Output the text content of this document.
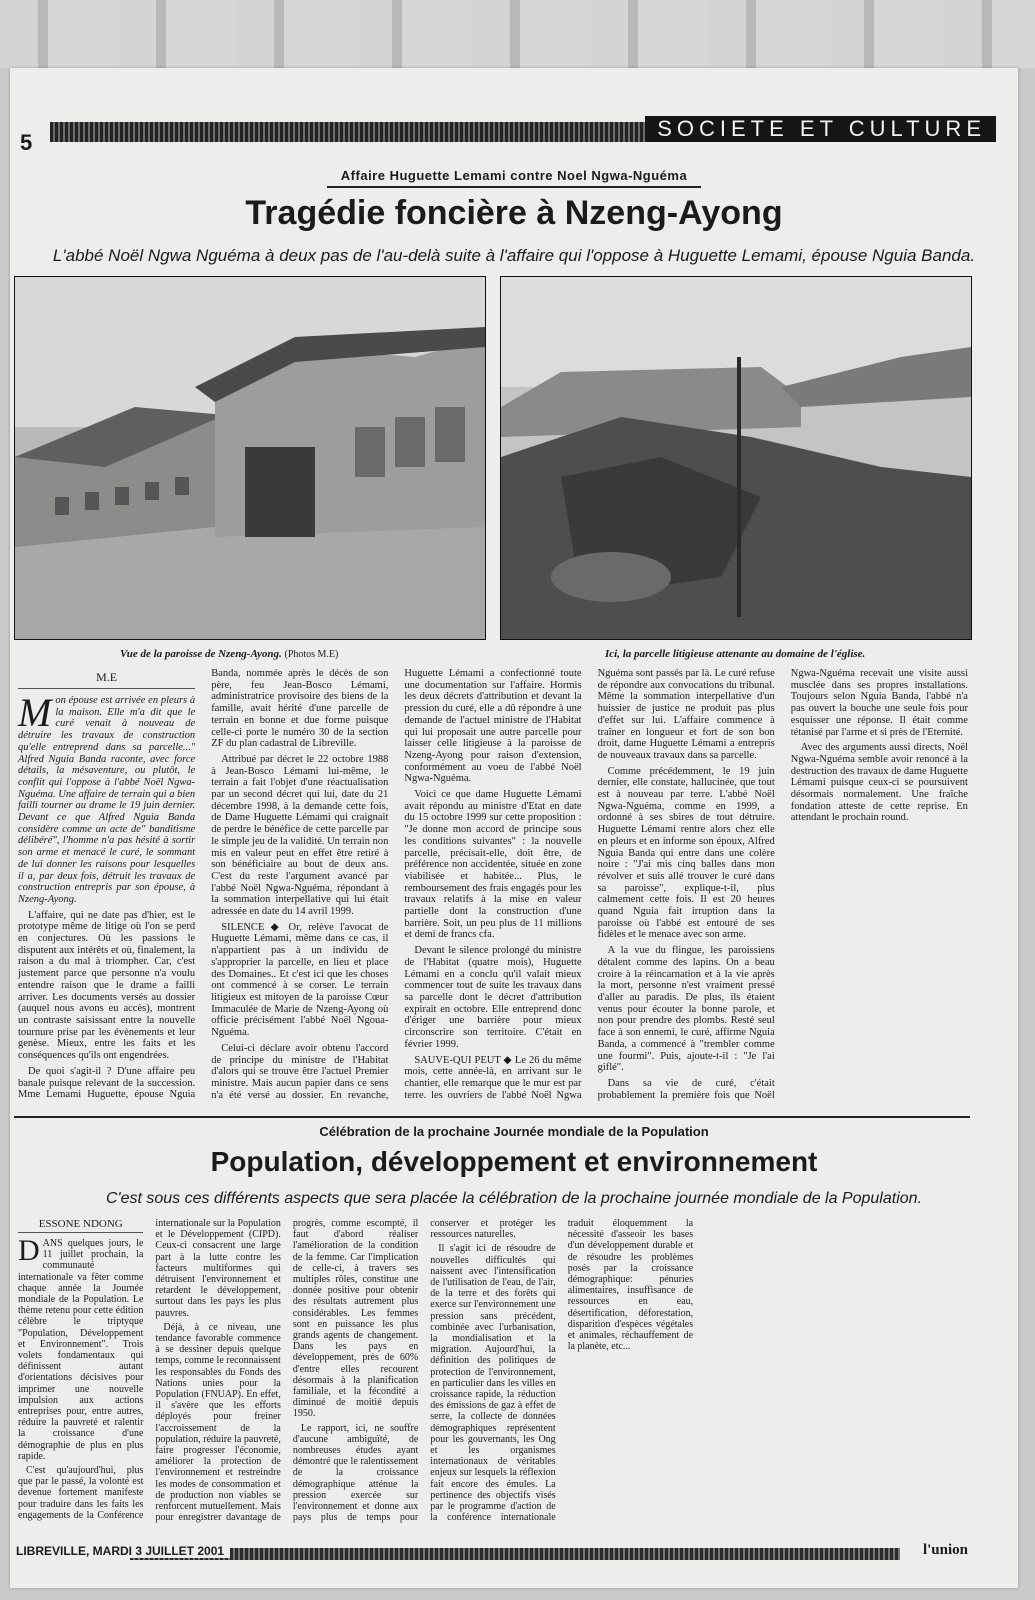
5
SOCIETE ET CULTURE
Affaire Huguette Lemami contre Noel Ngwa-Nguéma
Tragédie foncière à Nzeng-Ayong
L'abbé Noël Ngwa Nguéma à deux pas de l'au-delà suite à l'affaire qui l'oppose à Huguette Lemami, épouse Nguia Banda.
Vue de la paroisse de Nzeng-Ayong. (Photos M.E)	Ici, la parcelle litigieuse attenante au domaine de l'église.
M.E

Mon épouse est arrivée en pleurs à la maison. Elle m'a dit que le curé venait à nouveau de détruire les travaux de construction qu'elle entreprend dans sa parcelle..." Alfred Nguia Banda raconte, avec force détails, la mésaventure, ou plutôt, le conflit qui l'oppose à l'abbé Noël Ngwa-Nguéma. Une affaire de terrain qui a bien failli tourner au drame le 19 juin dernier. Devant ce que Alfred Nguia Banda considère comme un acte de" banditisme délibéré", l'homme n'a pas hésité à sortir son arme et menacé le curé, le sommant de lui donner les raisons pour lesquelles il a, par deux fois, détruit les travaux de construction entrepris par son épouse, à Nzeng-Ayong.

L'affaire, qui ne date pas d'hier, est le prototype même de litige où l'on se perd en conjectures. Où les passions le disputent aux intérêts et où, finalement, la raison a du mal à triompher. Car, c'est justement parce que personne n'a voulu entendre raison que le drame a failli arriver. Les documents versés au dossier (auquel nous avons eu accès), montrent un contraste saisissant entre la nouvelle tournure prise par les évènements et leur genèse. Mieux, entre les faits et les conséquences qu'ils ont engendrées.

De quoi s'agit-il ? D'une affaire peu banale puisque relevant de la succession. Mme Lemami Huguette, épouse Nguia Banda, nommée après le décès de son père, feu Jean-Bosco Lémami, administratrice provisoire des biens de la famille, avait hérité d'une parcelle de terrain en bonne et due forme puisque celle-ci porte le numéro 30 de la section ZF du plan cadastral de Libreville.

Attribué par décret le 22 octobre 1988 à Jean-Bosco Lémami lui-même, le terrain a fait l'objet d'une réactualisation par un second décret qui lui, date du 21 décembre 1998, à la demande cette fois, de Dame Huguette Lémami qui craignait de perdre le bénéfice de cette parcelle par le simple jeu de la validité. Un terrain non mis en valeur peut en effet être retiré à son bénéficiaire au bout de deux ans. C'est du reste l'argument avancé par l'abbé Noël Ngwa-Nguéma, répondant à la sommation interpellative qui lui était adressée en date du 14 avril 1999.

SILENCE ◆ Or, relève l'avocat de Huguette Lémami, même dans ce cas, il n'appartient pas à un individu de s'approprier la parcelle, en lieu et place des Domaines.. Et c'est ici que les choses ont commencé à se corser. Le terrain litigieux est mitoyen de la paroisse Cœur Immaculée de Marie de Nzeng-Ayong où officie précisément l'abbé Noël Ngoua- Nguéma.

Celui-ci déclare avoir obtenu l'accord de principe du ministre de l'Habitat d'alors qui se trouve être l'actuel Premier ministre. Mais aucun papier dans ce sens n'a été versé au dossier. En revanche, Huguette Lémami a confectionné toute une documentation sur l'affaire. Hormis les deux décrets d'attribution et devant la pression du curé, elle a dû répondre à une demande de l'actuel ministre de l'Habitat qui lui proposait une autre parcelle pour laisser celle litigieuse à la paroisse de Nzeng-Ayong pour raison d'extension, conformément au voeu de l'abbé Noël Ngwa-Nguéma.

Voici ce que dame Huguette Lémami avait répondu au ministre d'Etat en date du 15 octobre 1999 sur cette proposition : "Je donne mon accord de principe sous les conditions suivantes" : la nouvelle parcelle, précisait-elle, doit être, de préférence non accidentée, située en zone viabilisée et habitée... Plus, le remboursement des frais engagés pour les travaux relatifs à la mise en valeur partielle dont la construction d'une barrière. Soit, un peu plus de 11 millions et demi de francs cfa.

Devant le silence prolongé du ministre de l'Habitat (quatre mois), Huguette Lémami en a conclu qu'il valait mieux commencer tout de suite les travaux dans sa parcelle dont le décret d'attribution expirait en octobre. Elle entreprend donc d'ériger une barrière pour mieux circonscrire son territoire. C'était en février 1999.

SAUVE-QUI PEUT ◆ Le 26 du même mois, cette année-là, en arrivant sur le chantier, elle remarque que le mur est par terre. les ouvriers de l'abbé Noël Ngwa Nguéma sont passés par là. Le curé refuse de répondre aux convocations du tribunal. Même la sommation interpellative d'un huissier de justice ne produit pas plus d'effet sur lui. L'affaire commence à traîner en longueur et fort de son bon droit, dame Huguette Lémami a entrepris de nouveaux travaux dans sa parcelle.

Comme précédemment, le 19 juin dernier, elle constate, hallucinée, que tout est à nouveau par terre. L'abbé Noël Ngwa-Nguéma, comme en 1999, a ordonné à ses sbires de tout détruire. Huguette Lémami rentre alors chez elle en pleurs et en informe son époux, Alfred Nguia Banda qui entre dans une colère noire : "J'ai mis cinq balles dans mon révolver et suis allé trouver le curé dans sa paroisse", explique-t-il, plus calmement cette fois. Il est 20 heures quand Nguia fait irruption dans la paroisse où l'abbé est entouré de ses fidèles et le menace avec son arme.

A la vue du flingue, les paroissiens détalent comme des lapins. On a beau croire à la réincarnation et à la vie après la mort, personne n'est vraiment pressé d'aller au paradis. De plus, ils étaient venus pour écouter la bonne parole, et non pour prendre des plombs. Resté seul face à son ennemi, le curé, affirme Nguia Banda, a commencé à "trembler comme une fourmi". Puis, ajoute-t-il : "Je l'ai giflé".

Dans sa vie de curé, c'était probablement la première fois que Noël Ngwa-Nguéma recevait une visite aussi musclée dans ses propres installations. Toujours selon Nguia Banda, l'abbé n'a pas ouvert la bouche une seule fois pour esquisser une réponse. Il était comme tétanisé par l'arme et si près de l'Eternité.

Avec des arguments aussi directs, Noël Ngwa-Nguéma semble avoir renoncé à la destruction des travaux de dame Huguette Lémami puisque ceux-ci se poursuivent désormais normalement. Une fraîche fondation atteste de cette reprise. En attendant le prochain round.

Célébration de la prochaine Journée mondiale de la Population
Population, développement et environnement
C'est sous ces différents aspects que sera placée la célébration de la prochaine journée mondiale de la Population.
ESSONE NDONG

DANS quelques jours, le 11 juillet prochain, la communauté internationale va fêter comme chaque année la Journée mondiale de la Population. Le thème retenu pour cette édition célèbre le triptyque "Population, Développement et Environnement". Trois volets fondamentaux qui définissent autant d'orientations décisives pour imprimer une nouvelle impulsion aux actions entreprises pour, entre autres, réduire la pauvreté et ralentir la croissance d'une démographie de plus en plus rapide.

C'est qu'aujourd'hui, plus que par le passé, la volonté est devenue fortement manifeste pour traduire dans les faits les engagements de la Conférence internationale sur la Population et le Développement (CIPD). Ceux-ci consacrent une large part à la lutte contre les facteurs multiformes qui détruisent l'environnement et retardent le développement, surtout dans les pays les plus pauvres.

Déjà, à ce niveau, une tendance favorable commence à se dessiner depuis quelque temps, comme le reconnaissent les responsables du Fonds des Nations unies pour la Population (FNUAP). En effet, il s'avère que les efforts déployés pour freiner l'accroissement de la population, réduire la pauvreté, faire progresser l'économie, améliorer la protection de l'environnement et restreindre les modes de consommation et de production non viables se renforcent mutuellement. Mais pour enregistrer davantage de progrès, comme escompté, il faut d'abord réaliser l'amélioration de la condition de la femme. Car l'implication de celle-ci, à travers ses multiples rôles, constitue une donnée positive pour obtenir des résultats autrement plus considérables. Les femmes sont en puissance les plus grands agents de changement. Dans les pays en développement, près de 60% d'entre elles recourent désormais à la planification familiale, et la fécondité a diminué de moitié depuis 1950.

Le rapport, ici, ne souffre d'aucune ambiguïté, de nombreuses études ayant démontré que le ralentissement de la croissance démographique atténue la pression exercée sur l'environnement et donne aux pays plus de temps pour conserver et protéger les ressources naturelles.

Il s'agit ici de résoudre de nouvelles difficultés qui naissent avec l'intensification de l'utilisation de l'eau, de l'air, de la terre et des forêts qui exerce sur l'environnement une pression sans précédent, combinée avec l'urbanisation, la mondialisation et la migration. Aujourd'hui, la définition des politiques de protection de l'environnement, en particulier dans les villes en croissance rapide, la réduction des émissions de gaz à effet de serre, la collecte de données démographiques représentent pour les gouvernants, les Ong et les organismes internationaux de véritables enjeux sur lesquels la réflexion fait encore des émules. La pertinence des objectifs visés par le programme d'action de la conférence internationale traduit éloquemment la nécessité d'asseoir les bases d'un développement durable et de résoudre les problèmes posés par la croissance démographique: pénuries alimentaires, insuffisance de ressources en eau, désertification, déforestation, disparition d'espèces végétales et animales, réchauffement de la planète, etc...

LIBREVILLE, MARDI 3 JUILLET 2001	l'union
